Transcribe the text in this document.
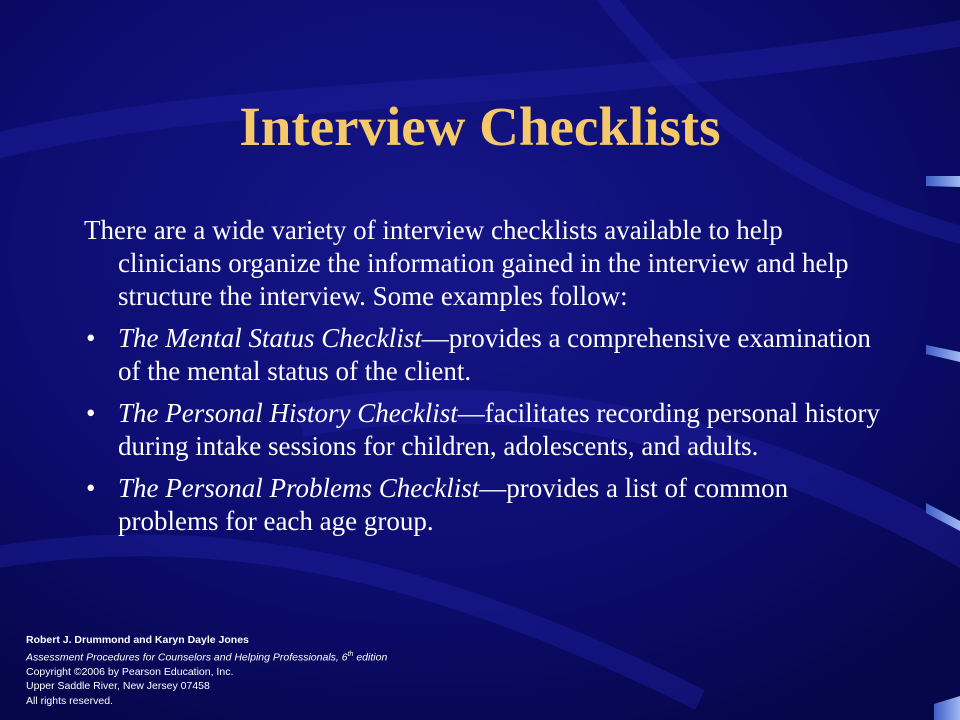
Interview Checklists

There are a wide variety of interview checklists available to help clinicians organize the information gained in the interview and help structure the interview. Some examples follow:

• The Mental Status Checklist—provides a comprehensive examination of the mental status of the client.
• The Personal History Checklist—facilitates recording personal history during intake sessions for children, adolescents, and adults.
• The Personal Problems Checklist—provides a list of common problems for each age group.
Robert J. Drummond and Karyn Dayle Jones
Assessment Procedures for Counselors and Helping Professionals, 6th edition
Copyright ©2006 by Pearson Education, Inc.
Upper Saddle River, New Jersey 07458
All rights reserved.
